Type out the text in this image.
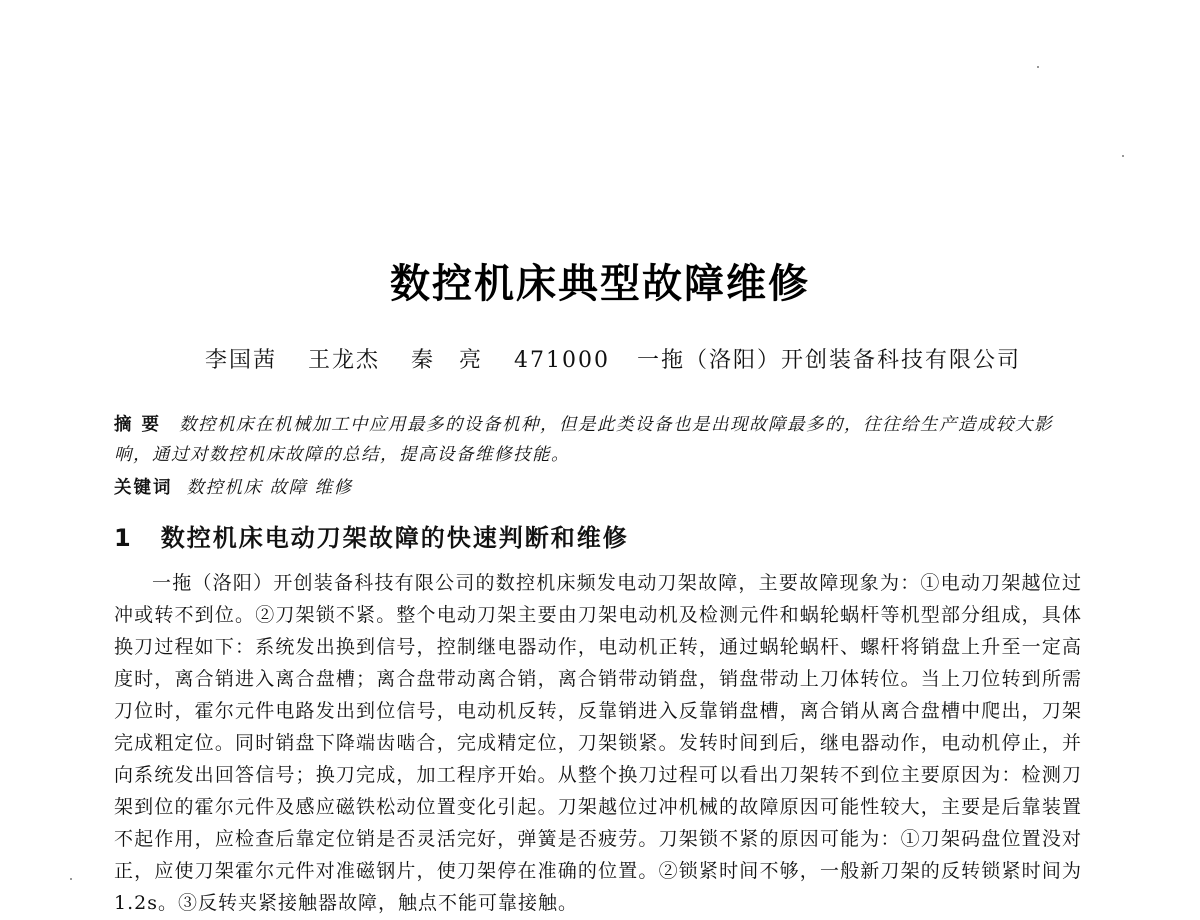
数控机床典型故障维修
李国茜 王龙杰 秦　亮 471000 一拖（洛阳）开创装备科技有限公司
摘要 数控机床在机械加工中应用最多的设备机种，但是此类设备也是出现故障最多的，往往给生产造成较大影响，通过对数控机床故障的总结，提高设备维修技能。
关键词 数控机床 故障 维修
1 数控机床电动刀架故障的快速判断和维修
一拖（洛阳）开创装备科技有限公司的数控机床频发电动刀架故障，主要故障现象为：①电动刀架越位过冲或转不到位。②刀架锁不紧。整个电动刀架主要由刀架电动机及检测元件和蜗轮蜗杆等机型部分组成，具体换刀过程如下：系统发出换到信号，控制继电器动作，电动机正转，通过蜗轮蜗杆、螺杆将销盘上升至一定高度时，离合销进入离合盘槽；离合盘带动离合销，离合销带动销盘，销盘带动上刀体转位。当上刀位转到所需刀位时，霍尔元件电路发出到位信号，电动机反转，反靠销进入反靠销盘槽，离合销从离合盘槽中爬出，刀架完成粗定位。同时销盘下降端齿啮合，完成精定位，刀架锁紧。发转时间到后，继电器动作，电动机停止，并向系统发出回答信号；换刀完成，加工程序开始。从整个换刀过程可以看出刀架转不到位主要原因为：检测刀架到位的霍尔元件及感应磁铁松动位置变化引起。刀架越位过冲机械的故障原因可能性较大，主要是后靠装置不起作用，应检查后靠定位销是否灵活完好，弹簧是否疲劳。刀架锁不紧的原因可能为：①刀架码盘位置没对正，应使刀架霍尔元件对准磁钢片，使刀架停在准确的位置。②锁紧时间不够，一般新刀架的反转锁紧时间为 1.2s。③反转夹紧接触器故障，触点不能可靠接触。
